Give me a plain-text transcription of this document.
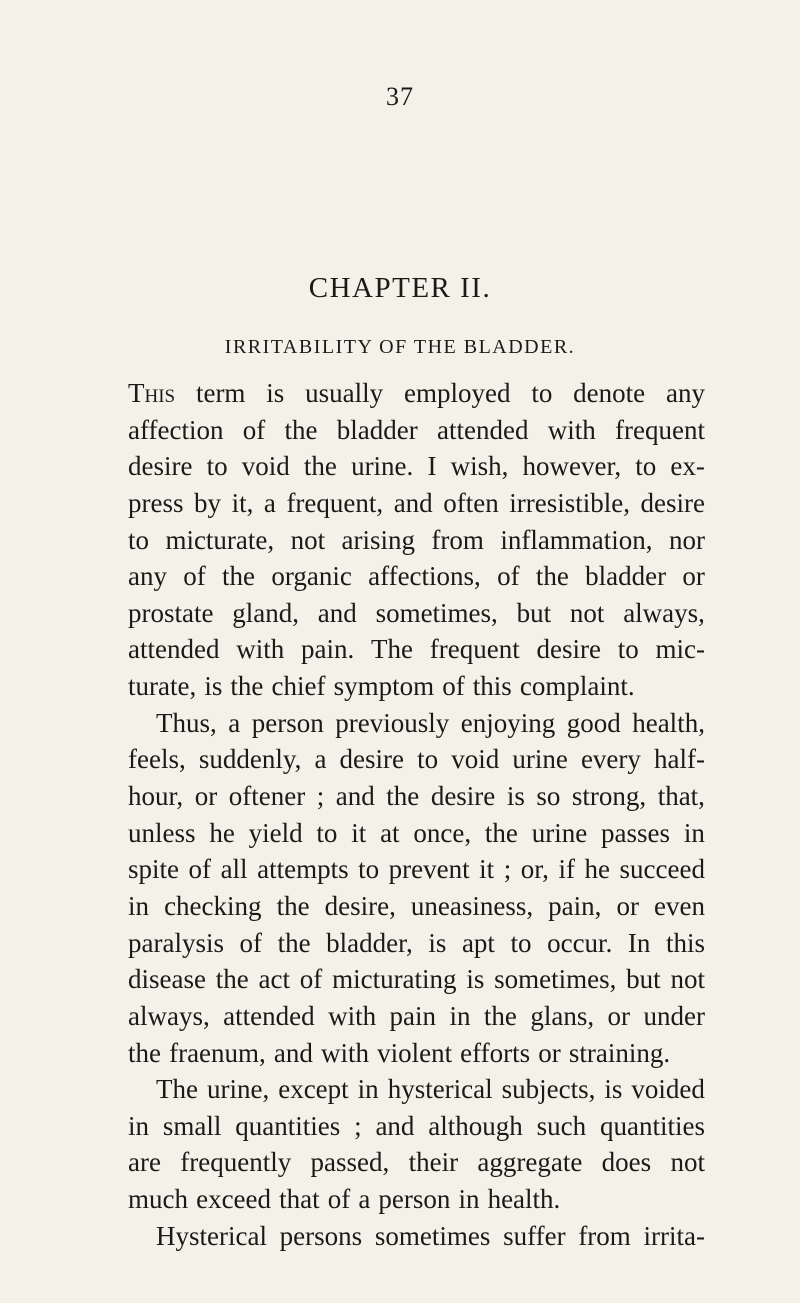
37
CHAPTER II.
IRRITABILITY OF THE BLADDER.
This term is usually employed to denote any
affection of the bladder attended with frequent
desire to void the urine. I wish, however, to ex-
press by it, a frequent, and often irresistible, desire
to micturate, not arising from inflammation, nor
any of the organic affections, of the bladder or
prostate gland, and sometimes, but not always,
attended with pain. The frequent desire to mic-
turate, is the chief symptom of this complaint.
Thus, a person previously enjoying good health,
feels, suddenly, a desire to void urine every half-
hour, or oftener ; and the desire is so strong, that,
unless he yield to it at once, the urine passes in
spite of all attempts to prevent it ; or, if he succeed
in checking the desire, uneasiness, pain, or even
paralysis of the bladder, is apt to occur. In this
disease the act of micturating is sometimes, but not
always, attended with pain in the glans, or under
the fraenum, and with violent efforts or straining.
The urine, except in hysterical subjects, is voided
in small quantities ; and although such quantities
are frequently passed, their aggregate does not
much exceed that of a person in health.
Hysterical persons sometimes suffer from irrita-
